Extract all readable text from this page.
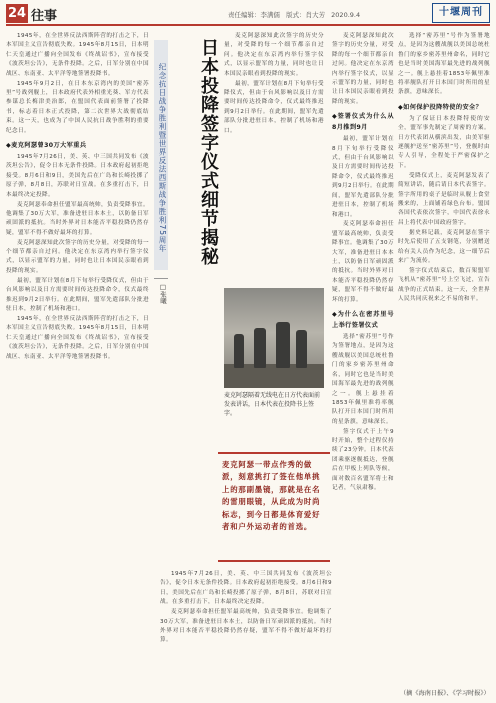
24 往事	责任编辑：李满儒 版式：肖大芳 2020.9.4	十堰周刊

1945年，在全世界反法西斯阵营的打击之下，日本军国主义宣告彻底失败。1945年8月15日，日本明仁天皇通过广播向全国发布《终战诏书》，宣布接受《波茨坦公告》，无条件投降。之后，日军分别在中国战区、东南亚、太平洋等地签署投降书。

1945年9月2日，在日本东京湾内的美国“密苏里”号战列舰上，日本政府代表外相重光葵、军方代表参谋总长梅津美治郎，在盟国代表面前签署了投降书，标志着日本正式投降，第二次世界大战彻底结束。这一天，也成为了中国人民抗日战争胜利的重要纪念日。

◆麦克阿瑟曾30万大军重兵

1945年7月26日，美、英、中三国共同发布《波茨坦公告》，促令日本无条件投降。日本政府起初拒绝接受。8月6日和9日，美国先后在广岛和长崎投掷了原子弹，8月8日，苏联对日宣战。在多重打击下，日本最终决定投降。

麦克阿瑟奉命担任盟军最高统帅，负责受降事宜。他调集了30万大军，准备进驻日本本土，以防备日军顽固派的抵抗。当时外界对日本能否平稳投降仍然存疑，盟军不得不做好最坏的打算。

麦克阿瑟深知此次签字的历史分量，对受降的每一个细节都亲自过问。他决定在东京湾内举行签字仪式，以显示盟军的力量，同时也让日本国民亲眼看到投降的现实。

最初，盟军计划在8月下旬举行受降仪式，但由于台风影响以及日方需要时间传达投降命令，仪式最终推迟到9月2日举行。在此期间，盟军先遣部队分批进驻日本，控制了机场和港口。

1945年，在全世界反法西斯阵营的打击之下，日本军国主义宣告彻底失败。1945年8月15日，日本明仁天皇通过广播向全国发布《终战诏书》，宣布接受《波茨坦公告》，无条件投降。之后，日军分别在中国战区、东南亚、太平洋等地签署投降书。

纪念抗日战争胜利暨世界反法西斯战争胜利75周年
□张曦
日本投降签字仪式细节揭秘
麦克阿瑟隔着无线电在日方代表面前发表讲话，日本代表在投降书上签字。

麦克阿瑟深知此次签字的历史分量，对受降的每一个细节都亲自过问。他决定在东京湾内举行签字仪式，以显示盟军的力量，同时也让日本国民亲眼看到投降的现实。

最初，盟军计划在8月下旬举行受降仪式，但由于台风影响以及日方需要时间传达投降命令，仪式最终推迟到9月2日举行。在此期间，盟军先遣部队分批进驻日本，控制了机场和港口。

麦克阿瑟一带点作秀的做派，刻意挑打了签在他单挑上的那副墨镜，那就是在名的雷朋眼镜，从此成为时尚标志，到今日都是体育爱好者和户外运动者的首选。

1945年7月26日，美、英、中三国共同发布《波茨坦公告》，促令日本无条件投降。日本政府起初拒绝接受。8月6日和9日，美国先后在广岛和长崎投掷了原子弹，8月8日，苏联对日宣战。在多重打击下，日本最终决定投降。

麦克阿瑟奉命担任盟军最高统帅，负责受降事宜。他调集了30万大军，准备进驻日本本土，以防备日军顽固派的抵抗。当时外界对日本能否平稳投降仍然存疑，盟军不得不做好最坏的打算。

麦克阿瑟深知此次签字的历史分量，对受降的每一个细节都亲自过问。他决定在东京湾内举行签字仪式，以显示盟军的力量，同时也让日本国民亲眼看到投降的现实。

◆签署仪式为什么从8月推到9月

最初，盟军计划在8月下旬举行受降仪式，但由于台风影响以及日方需要时间传达投降命令，仪式最终推迟到9月2日举行。在此期间，盟军先遣部队分批进驻日本，控制了机场和港口。

麦克阿瑟奉命担任盟军最高统帅，负责受降事宜。他调集了30万大军，准备进驻日本本土，以防备日军顽固派的抵抗。当时外界对日本能否平稳投降仍然存疑，盟军不得不做好最坏的打算。

◆为什么在密苏里号上举行签署仪式

选择“密苏里”号作为签署地点，是因为这艘战舰以美国总统杜鲁门的家乡密苏里州命名，同时它也是当时美国海军最先进的战列舰之一。舰上悬挂着1853年佩里准将率舰队打开日本国门时所用的星条旗，意味深长。

签字仪式于上午9时开始，整个过程仅持续了23分钟。日本代表团乘驱逐舰抵达，登舰后在甲板上列队等候，面对数百名盟军将士和记者，气氛肃穆。

选择“密苏里”号作为签署地点，是因为这艘战舰以美国总统杜鲁门的家乡密苏里州命名，同时它也是当时美国海军最先进的战列舰之一。舰上悬挂着1853年佩里准将率舰队打开日本国门时所用的星条旗，意味深长。

◆如何保护投降特使的安全？

为了保证日本投降特使的安全，盟军事先制定了周密的方案。日方代表团从横滨出发，由美军驱逐舰护送至“密苏里”号，登舰时由专人引导，全程处于严密保护之下。

受降仪式上，麦克阿瑟发表了简短讲话，随后请日本代表签字。签字所用的桌子是临时从舰上食堂搬来的，上面铺着绿色台布。盟国各国代表依次签字，中国代表徐永昌上将代表中国政府签字。

据史料记载，麦克阿瑟在签字时先后使用了五支钢笔，分别赠送给有关人员作为纪念，这一细节后来广为流传。

签字仪式结束后，数百架盟军飞机从“密苏里”号上空飞过，宣告战争的正式结束。这一天，全世界人民共同庆祝来之不易的和平。

（摘《海南日报》、《学习时报》）
